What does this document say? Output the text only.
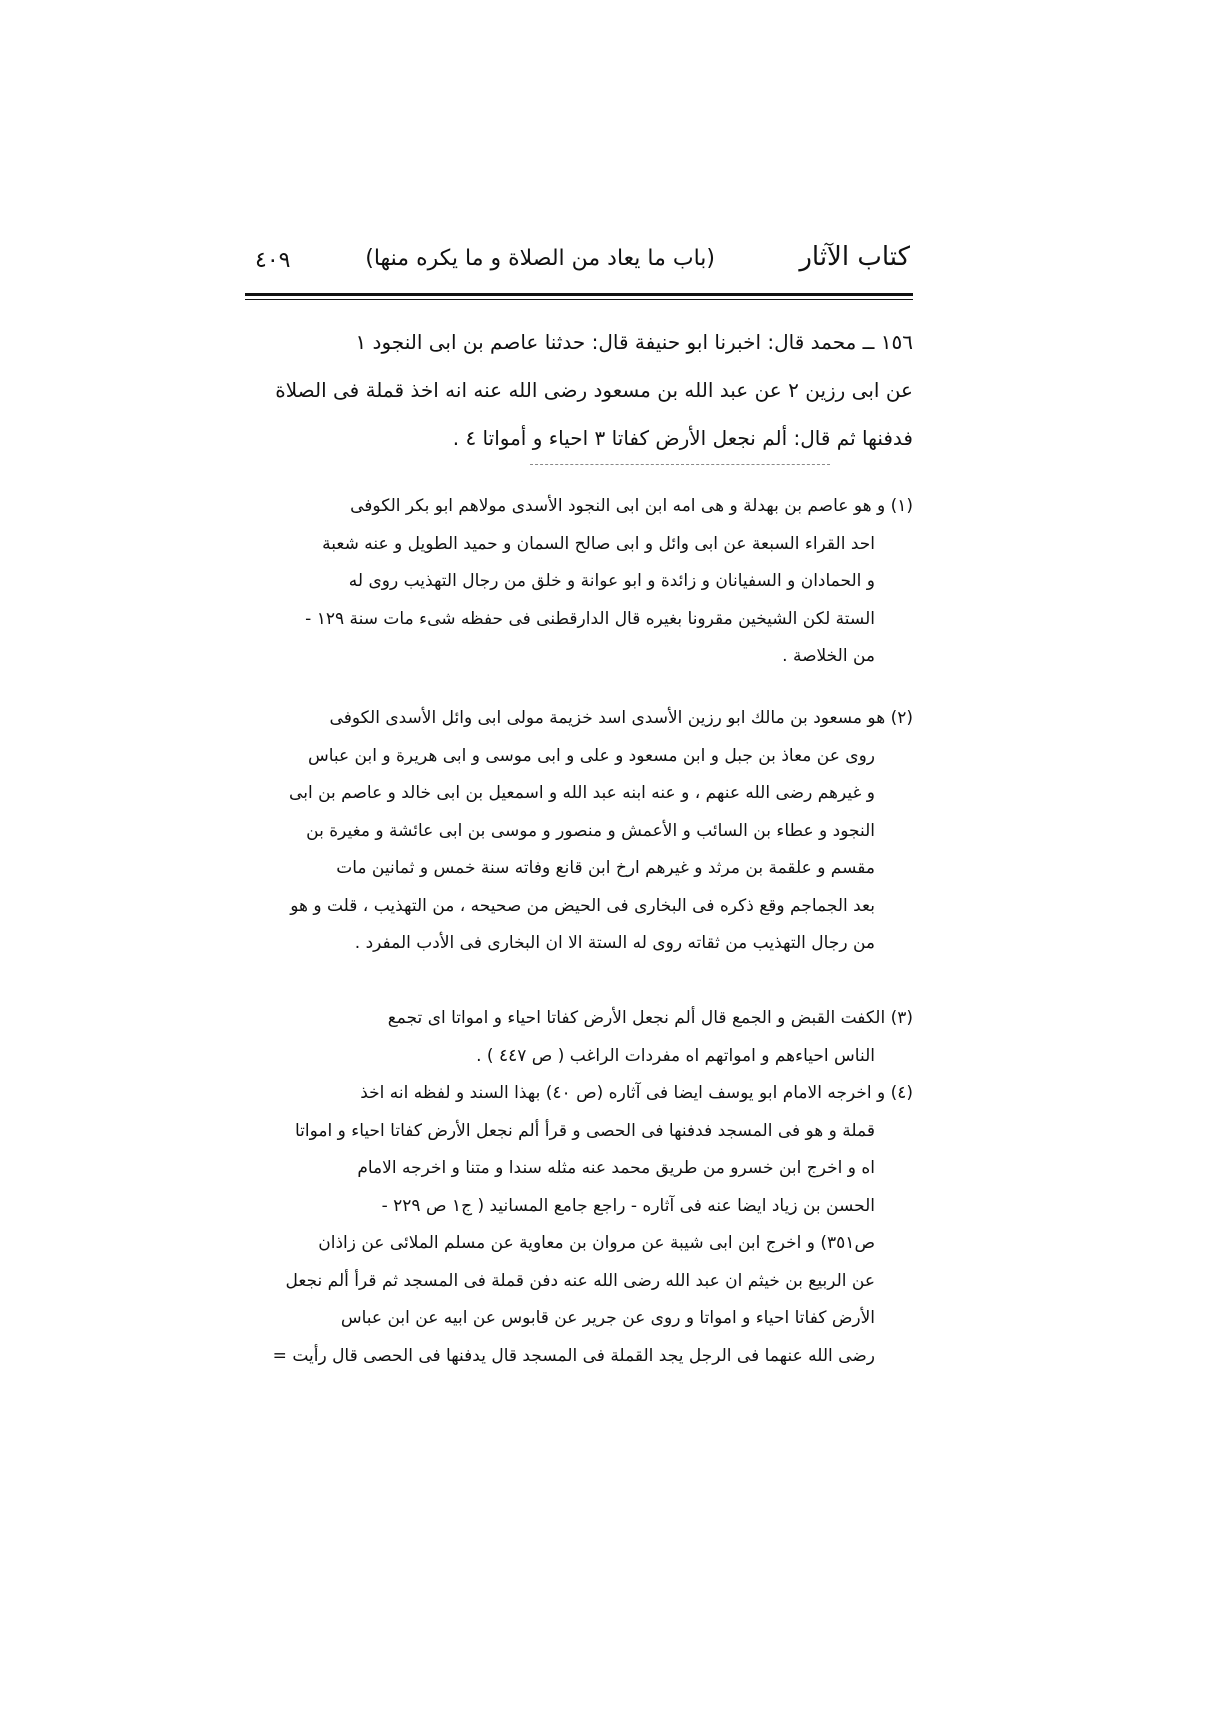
كتاب الآثار
(باب ما يعاد من الصلاة و ما يكره منها)
٤٠٩
١٥٦ ــ محمد قال: اخبرنا ابو حنيفة قال: حدثنا عاصم بن ابى النجود ١
عن ابى رزين ٢ عن عبد الله بن مسعود رضى الله عنه انه اخذ قملة فى الصلاة
فدفنها ثم قال: ألم نجعل الأرض كفاتا ٣ احياء و أمواتا ٤ .
(١) و هو عاصم بن بهدلة و هى امه ابن ابى النجود الأسدى مولاهم ابو بكر الكوفى
احد القراء السبعة عن ابى وائل و ابى صالح السمان و حميد الطويل و عنه شعبة
و الحمادان و السفيانان و زائدة و ابو عوانة و خلق من رجال التهذيب روى له
الستة لكن الشيخين مقرونا بغيره قال الدارقطنى فى حفظه شىء مات سنة ١٢٩ -
من الخلاصة .
(٢) هو مسعود بن مالك ابو رزين الأسدى اسد خزيمة مولى ابى وائل الأسدى الكوفى
روى عن معاذ بن جبل و ابن مسعود و على و ابى موسى و ابى هريرة و ابن عباس
و غيرهم رضى الله عنهم ، و عنه ابنه عبد الله و اسمعيل بن ابى خالد و عاصم بن ابى
النجود و عطاء بن السائب و الأعمش و منصور و موسى بن ابى عائشة و مغيرة بن
مقسم و علقمة بن مرثد و غيرهم ارخ ابن قانع وفاته سنة خمس و ثمانين مات
بعد الجماجم وقع ذكره فى البخارى فى الحيض من صحيحه ، من التهذيب ، قلت و هو
من رجال التهذيب من ثقاته روى له الستة الا ان البخارى فى الأدب المفرد .
(٣) الكفت القبض و الجمع قال ألم نجعل الأرض كفاتا احياء و امواتا اى تجمع
الناس احياءهم و امواتهم اه مفردات الراغب ( ص ٤٤٧ ) .
(٤) و اخرجه الامام ابو يوسف ايضا فى آثاره (ص ٤٠) بهذا السند و لفظه انه اخذ
قملة و هو فى المسجد فدفنها فى الحصى و قرأ ألم نجعل الأرض كفاتا احياء و امواتا
اه و اخرج ابن خسرو من طريق محمد عنه مثله سندا و متنا و اخرجه الامام
الحسن بن زياد ايضا عنه فى آثاره - راجع جامع المسانيد ( ج١ ص ٢٢٩ -
ص٣٥١) و اخرج ابن ابى شيبة عن مروان بن معاوية عن مسلم الملائى عن زاذان
عن الربيع بن خيثم ان عبد الله رضى الله عنه دفن قملة فى المسجد ثم قرأ ألم نجعل
الأرض كفاتا احياء و امواتا و روى عن جرير عن قابوس عن ابيه عن ابن عباس
رضى الله عنهما فى الرجل يجد القملة فى المسجد قال يدفنها فى الحصى قال رأيت =
